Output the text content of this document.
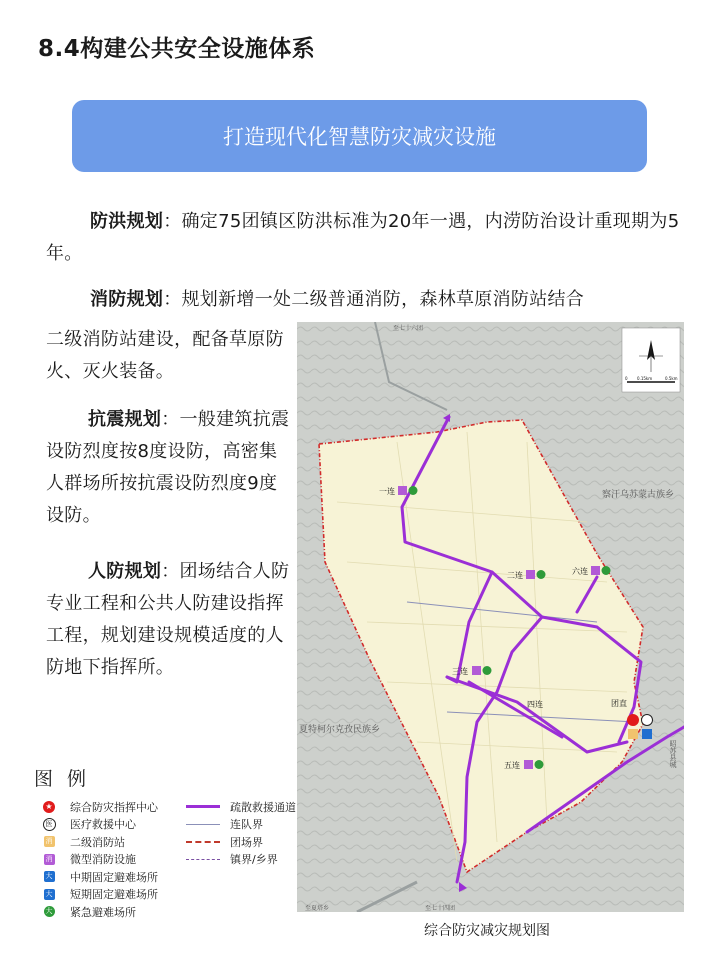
8.4构建公共安全设施体系
打造现代化智慧防灾减灾设施

防洪规划：确定75团镇区防洪标准为20年一遇，内涝防治设计重现期为5年。

消防规划：规划新增一处二级普通消防，森林草原消防站结合

二级消防站建设，配备草原防火、灭火装备。

抗震规划：一般建筑抗震设防烈度按8度设防，高密集人群场所按抗震设防烈度9度设防。

人防规划：团场结合人防专业工程和公共人防建设指挥工程，规划建设规模适度的人防地下指挥所。

至七十六团
察汗乌苏蒙古族乡
夏特柯尔克孜民族乡
至夏塔乡	至七十四团
昭苏县城
一连
二连
三连
四连
五连
六连
团直
0 0.15km	0.5km
综合防灾减灾规划图
图例
★ 综合防灾指挥中心
医 医疗救援中心
消 二级消防站
消 微型消防设施
大 中期固定避难场所
大 短期固定避难场所
大 紧急避难场所
疏散救援通道
连队界
团场界
镇界/乡界
